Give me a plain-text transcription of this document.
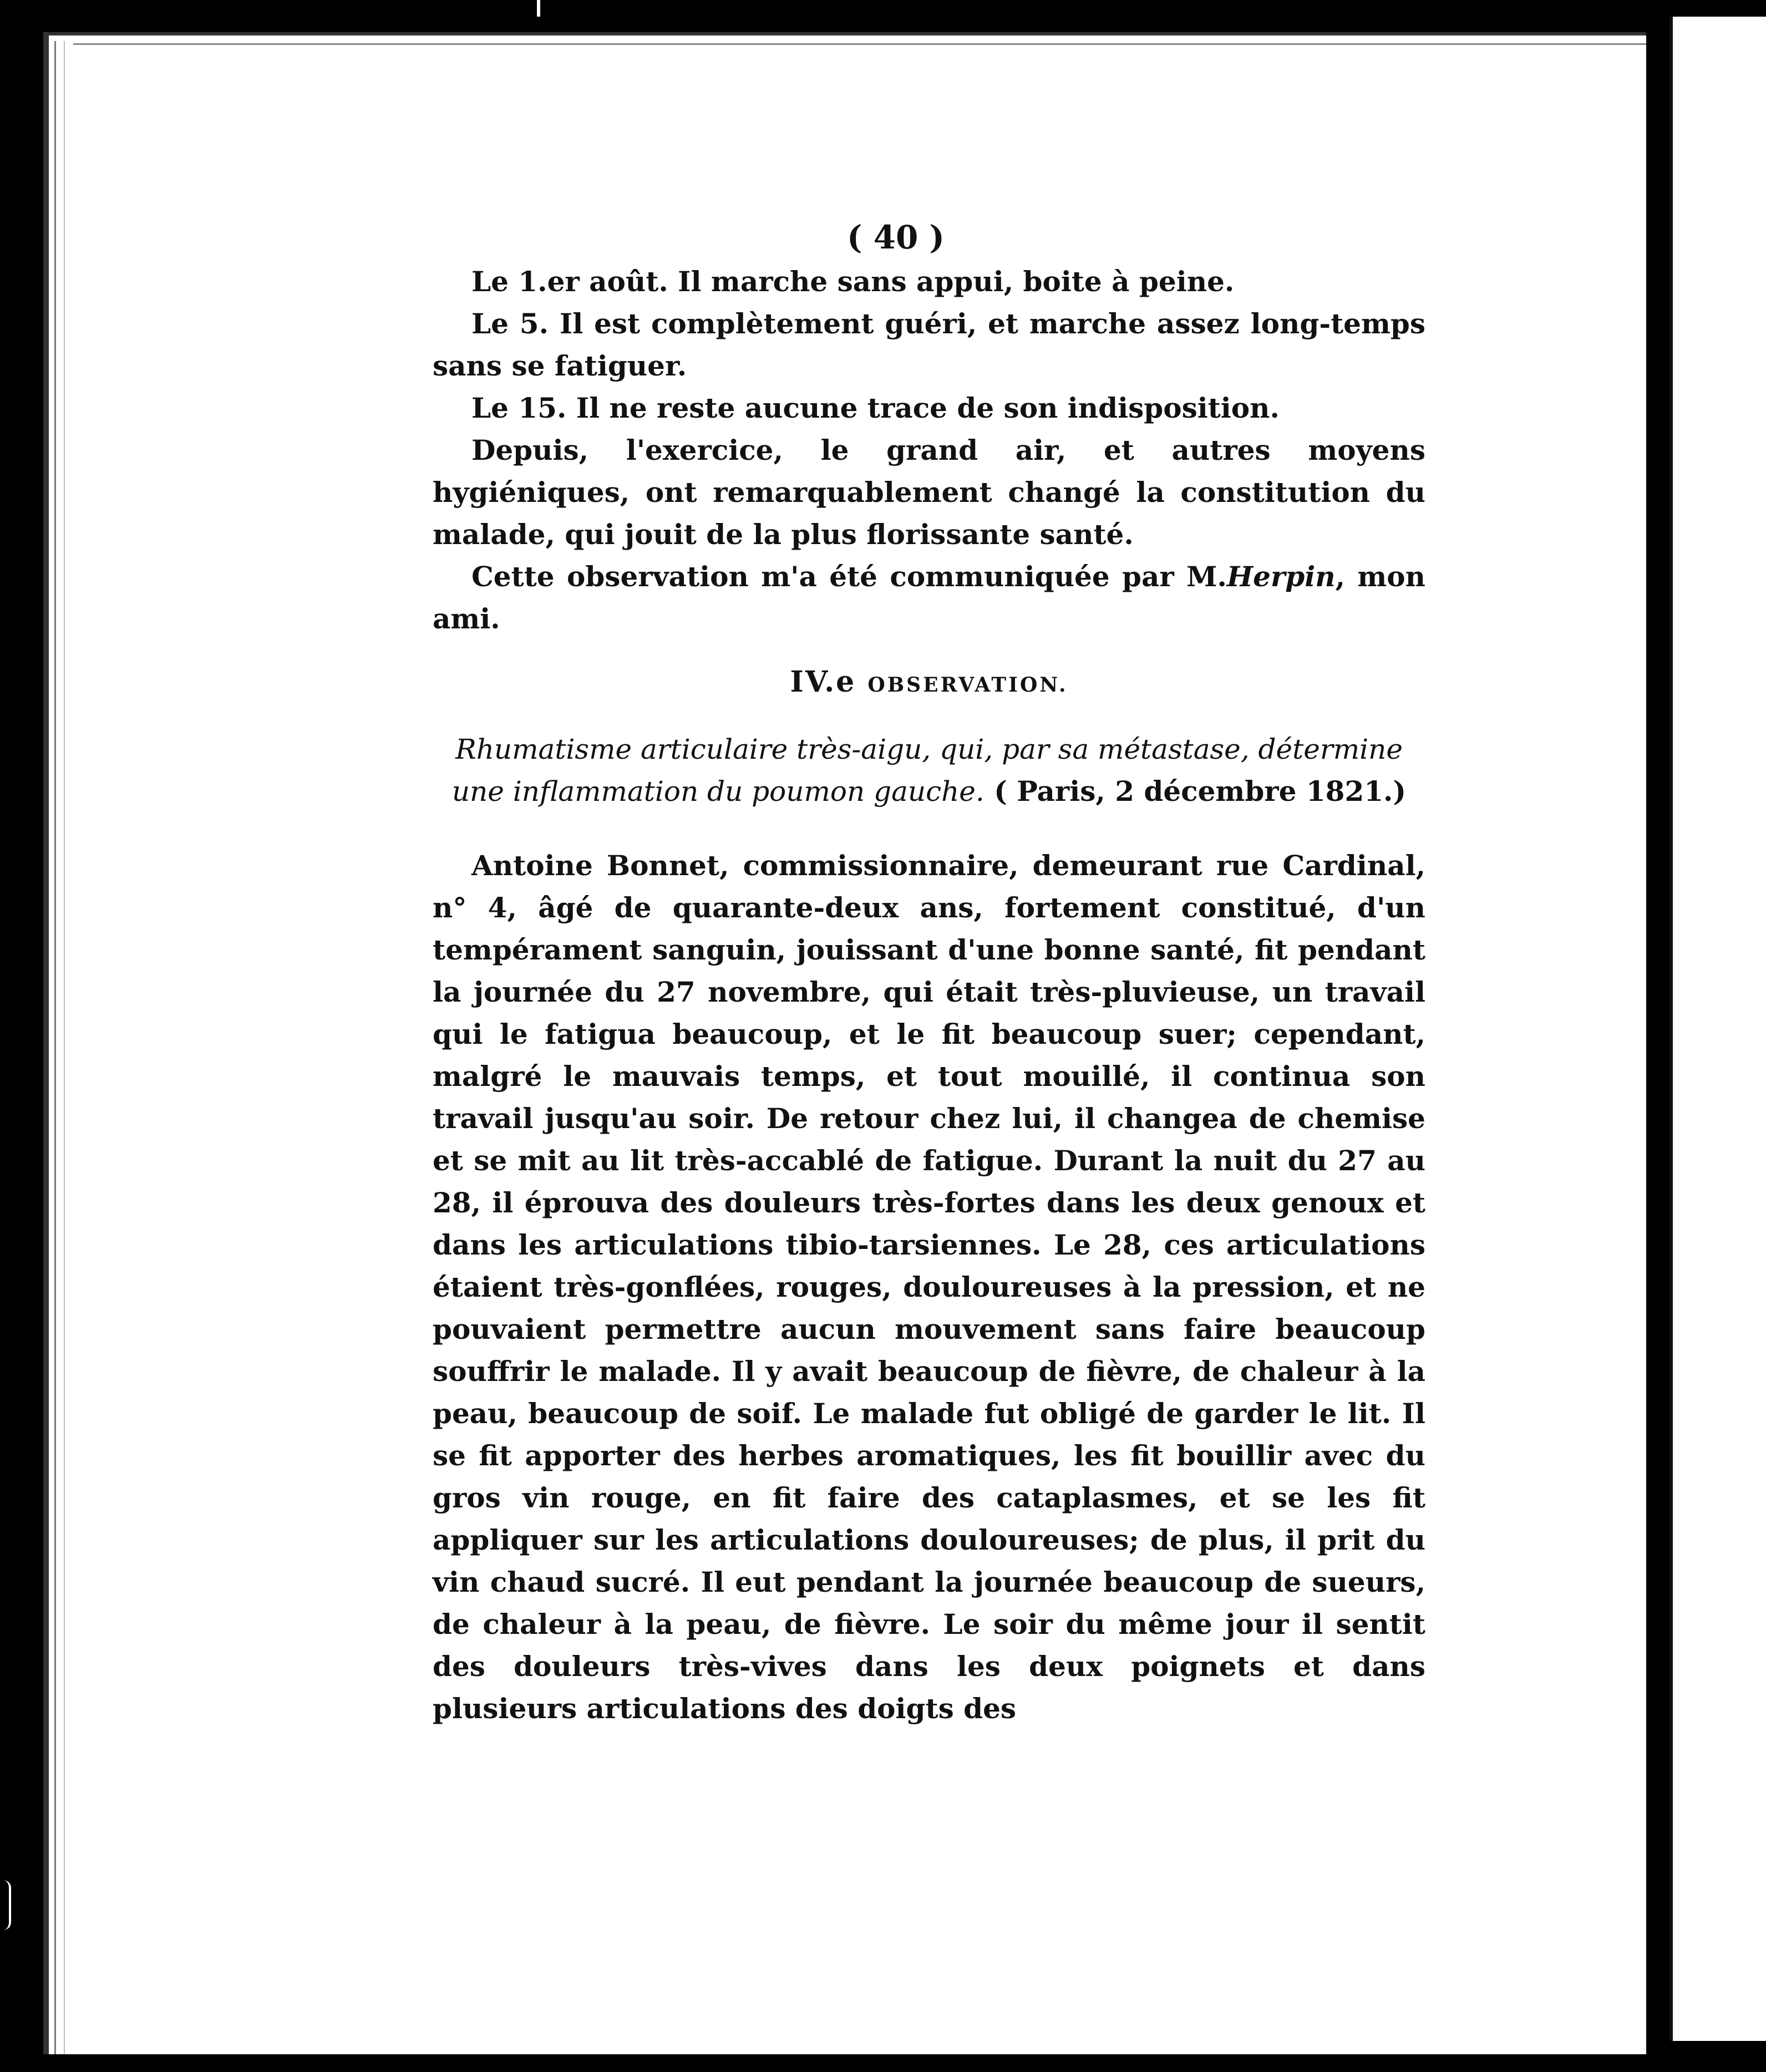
( 40 )

Le 1.er août. Il marche sans appui, boite à peine.

Le 5. Il est complètement guéri, et marche assez long-temps sans se fatiguer.

Le 15. Il ne reste aucune trace de son indisposition.

Depuis, l'exercice, le grand air, et autres moyens hygiéniques, ont remarquablement changé la constitution du malade, qui jouit de la plus florissante santé.

Cette observation m'a été communiquée par M.Herpin, mon ami.

IV.e OBSERVATION.

Rhumatisme articulaire très-aigu, qui, par sa métastase, détermine une inflammation du poumon gauche. ( Paris, 2 décembre 1821.)

Antoine Bonnet, commissionnaire, demeurant rue Cardinal, n° 4, âgé de quarante-deux ans, fortement constitué, d'un tempérament sanguin, jouissant d'une bonne santé, fit pendant la journée du 27 novembre, qui était très-pluvieuse, un travail qui le fatigua beaucoup, et le fit beaucoup suer; cependant, malgré le mauvais temps, et tout mouillé, il continua son travail jusqu'au soir. De retour chez lui, il changea de chemise et se mit au lit très-accablé de fatigue. Durant la nuit du 27 au 28, il éprouva des douleurs très-fortes dans les deux genoux et dans les articulations tibio-tarsiennes. Le 28, ces articulations étaient très-gonflées, rouges, douloureuses à la pression, et ne pouvaient permettre aucun mouvement sans faire beaucoup souffrir le malade. Il y avait beaucoup de fièvre, de chaleur à la peau, beaucoup de soif. Le malade fut obligé de garder le lit. Il se fit apporter des herbes aromatiques, les fit bouillir avec du gros vin rouge, en fit faire des cataplasmes, et se les fit appliquer sur les articulations douloureuses; de plus, il prit du vin chaud sucré. Il eut pendant la journée beaucoup de sueurs, de chaleur à la peau, de fièvre. Le soir du même jour il sentit des douleurs très-vives dans les deux poignets et dans plusieurs articulations des doigts des
